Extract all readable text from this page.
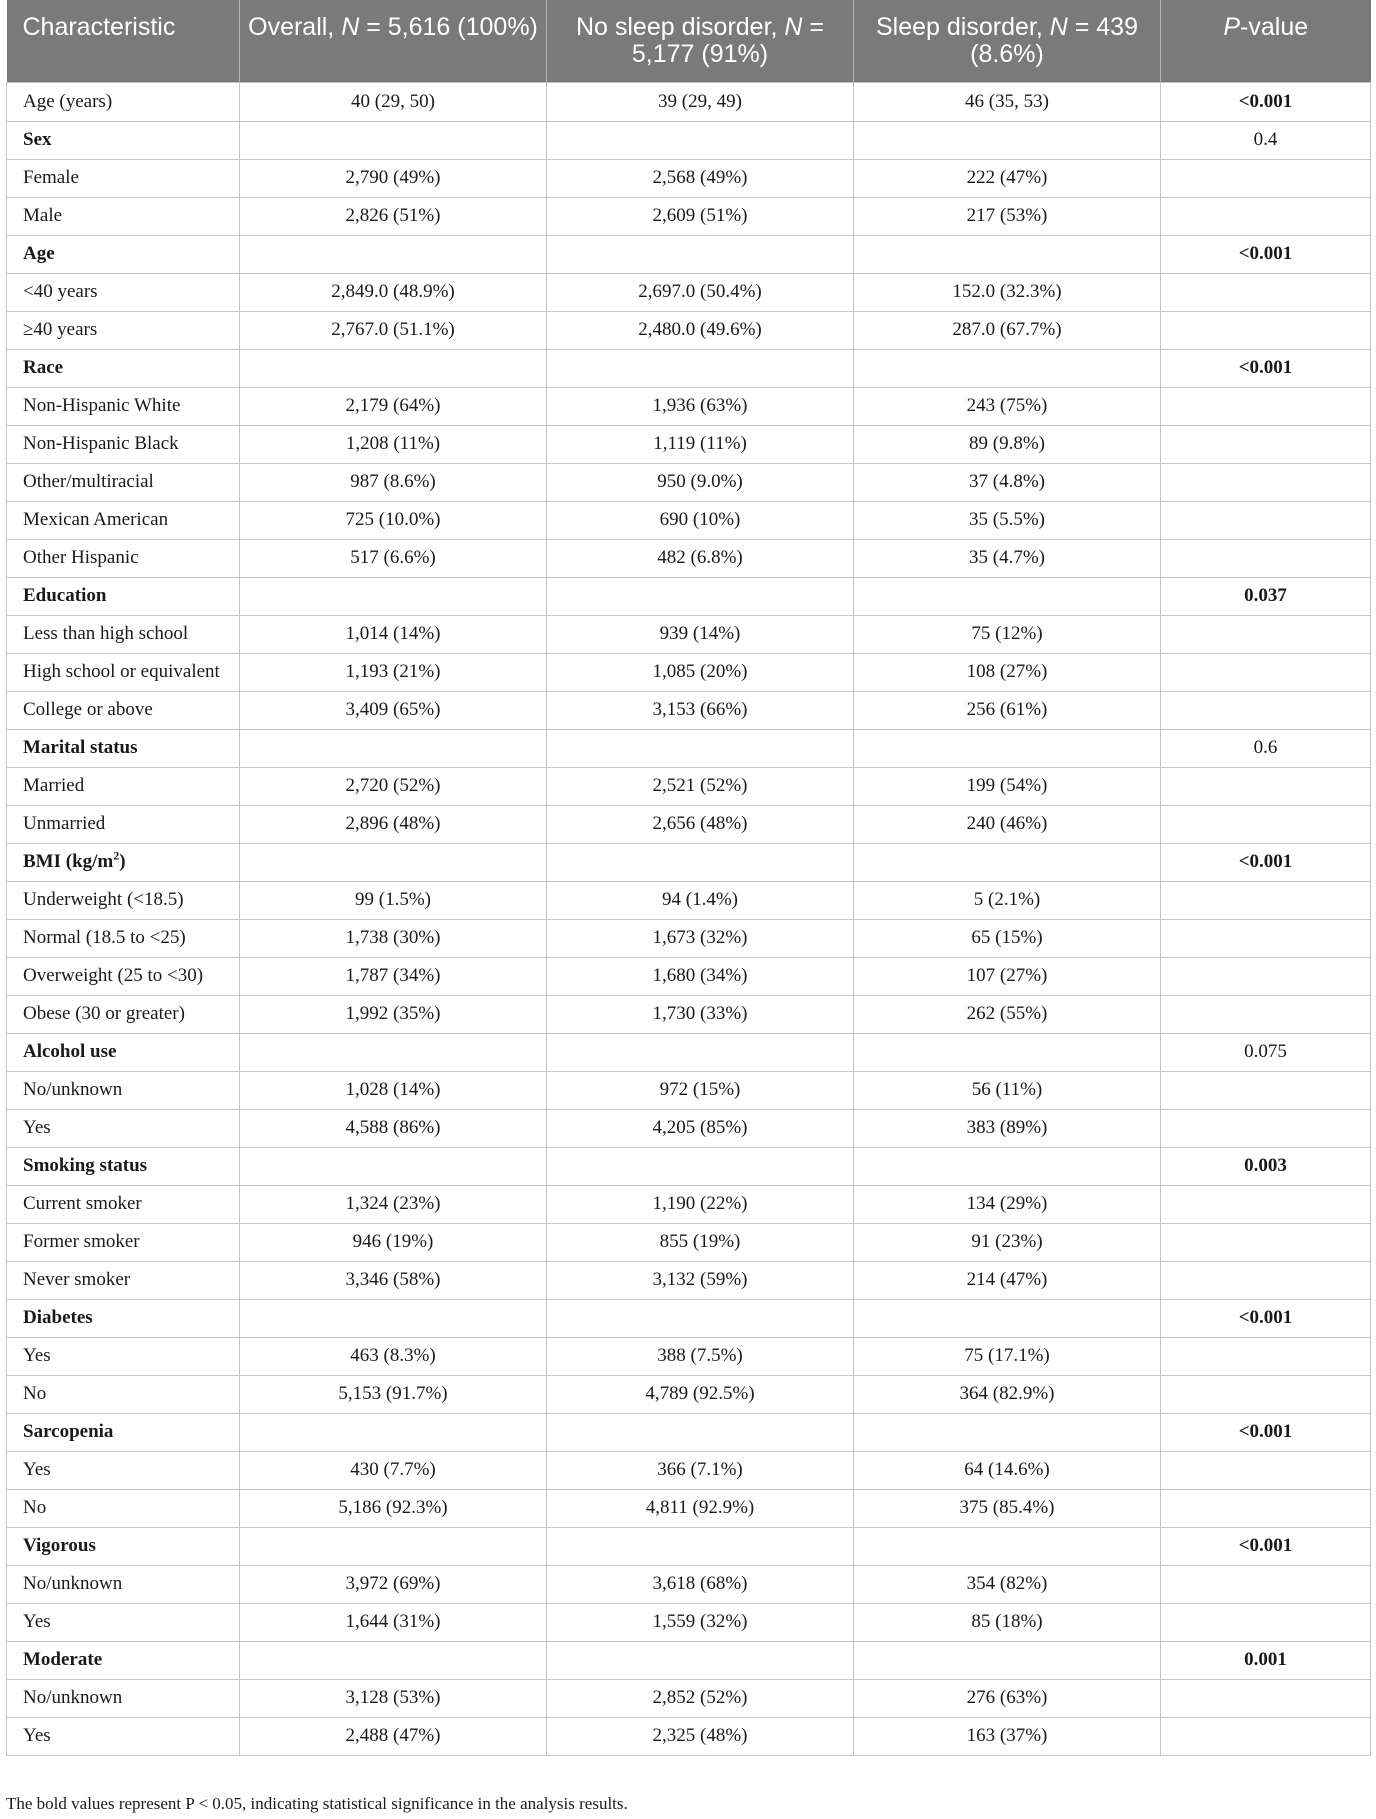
Characteristic	Overall, N = 5,616 (100%)	No sleep disorder, N = 5,177 (91%)	Sleep disorder, N = 439 (8.6%)	P-value
Age (years)	40 (29, 50)	39 (29, 49)	46 (35, 53)	<0.001
Sex				0.4
Female	2,790 (49%)	2,568 (49%)	222 (47%)	
Male	2,826 (51%)	2,609 (51%)	217 (53%)	
Age				<0.001
<40 years	2,849.0 (48.9%)	2,697.0 (50.4%)	152.0 (32.3%)	
≥40 years	2,767.0 (51.1%)	2,480.0 (49.6%)	287.0 (67.7%)	
Race				<0.001
Non-Hispanic White	2,179 (64%)	1,936 (63%)	243 (75%)	
Non-Hispanic Black	1,208 (11%)	1,119 (11%)	89 (9.8%)	
Other/multiracial	987 (8.6%)	950 (9.0%)	37 (4.8%)	
Mexican American	725 (10.0%)	690 (10%)	35 (5.5%)	
Other Hispanic	517 (6.6%)	482 (6.8%)	35 (4.7%)	
Education				0.037
Less than high school	1,014 (14%)	939 (14%)	75 (12%)	
High school or equivalent	1,193 (21%)	1,085 (20%)	108 (27%)	
College or above	3,409 (65%)	3,153 (66%)	256 (61%)	
Marital status				0.6
Married	2,720 (52%)	2,521 (52%)	199 (54%)	
Unmarried	2,896 (48%)	2,656 (48%)	240 (46%)	
BMI $(kg/m^2)$				<0.001
Underweight (<18.5)	99 (1.5%)	94 (1.4%)	5 (2.1%)	
Normal (18.5 to <25)	1,738 (30%)	1,673 (32%)	65 (15%)	
Overweight (25 to <30)	1,787 (34%)	1,680 (34%)	107 (27%)	
Obese (30 or greater)	1,992 (35%)	1,730 (33%)	262 (55%)	
Alcohol use				0.075
No/unknown	1,028 (14%)	972 (15%)	56 (11%)	
Yes	4,588 (86%)	4,205 (85%)	383 (89%)	
Smoking status				0.003
Current smoker	1,324 (23%)	1,190 (22%)	134 (29%)	
Former smoker	946 (19%)	855 (19%)	91 (23%)	
Never smoker	3,346 (58%)	3,132 (59%)	214 (47%)	
Diabetes				<0.001
Yes	463 (8.3%)	388 (7.5%)	75 (17.1%)	
No	5,153 (91.7%)	4,789 (92.5%)	364 (82.9%)	
Sarcopenia				<0.001
Yes	430 (7.7%)	366 (7.1%)	64 (14.6%)	
No	5,186 (92.3%)	4,811 (92.9%)	375 (85.4%)	
Vigorous				<0.001
No/unknown	3,972 (69%)	3,618 (68%)	354 (82%)	
Yes	1,644 (31%)	1,559 (32%)	85 (18%)	
Moderate				0.001
No/unknown	3,128 (53%)	2,852 (52%)	276 (63%)	
Yes	2,488 (47%)	2,325 (48%)	163 (37%)	
The bold values represent P < 0.05, indicating statistical significance in the analysis results.
